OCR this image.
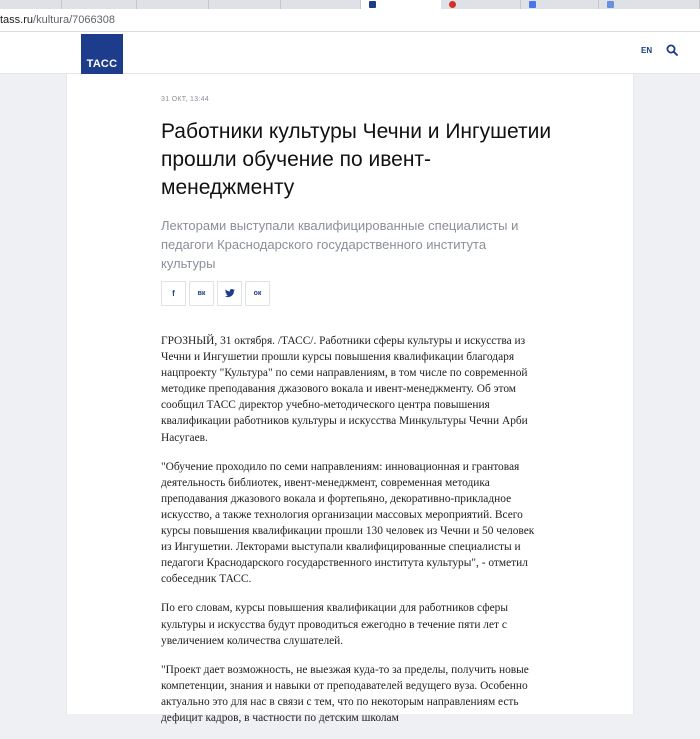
tass.ru/kultura/7066308
ТАСС
EN
31 ОКТ, 13:44
Работники культуры Чечни и Ингушетии прошли обучение по ивент-менеджменту
Лекторами выступали квалифицированные специалисты и педагоги Краснодарского государственного института культуры
f	вк	ок

ГРОЗНЫЙ, 31 октября. /ТАСС/. Работники сферы культуры и искусства из Чечни и Ингушетии прошли курсы повышения квалификации благодаря нацпроекту "Культура" по семи направлениям, в том числе по современной методике преподавания джазового вокала и ивент-менеджменту. Об этом сообщил ТАСС директор учебно-методического центра повышения квалификации работников культуры и искусства Минкультуры Чечни Арби Насугаев.

"Обучение проходило по семи направлениям: инновационная и грантовая деятельность библиотек, ивент-менеджмент, современная методика преподавания джазового вокала и фортепьяно, декоративно-прикладное искусство, а также технология организации массовых мероприятий. Всего курсы повышения квалификации прошли 130 человек из Чечни и 50 человек из Ингушетии. Лекторами выступали квалифицированные специалисты и педагоги Краснодарского государственного института культуры", - отметил собеседник ТАСС.

По его словам, курсы повышения квалификации для работников сферы культуры и искусства будут проводиться ежегодно в течение пяти лет с увеличением количества слушателей.

"Проект дает возможность, не выезжая куда-то за пределы, получить новые компетенции, знания и навыки от преподавателей ведущего вуза. Особенно актуально это для нас в связи с тем, что по некоторым направлениям есть дефицит кадров, в частности по детским школам
